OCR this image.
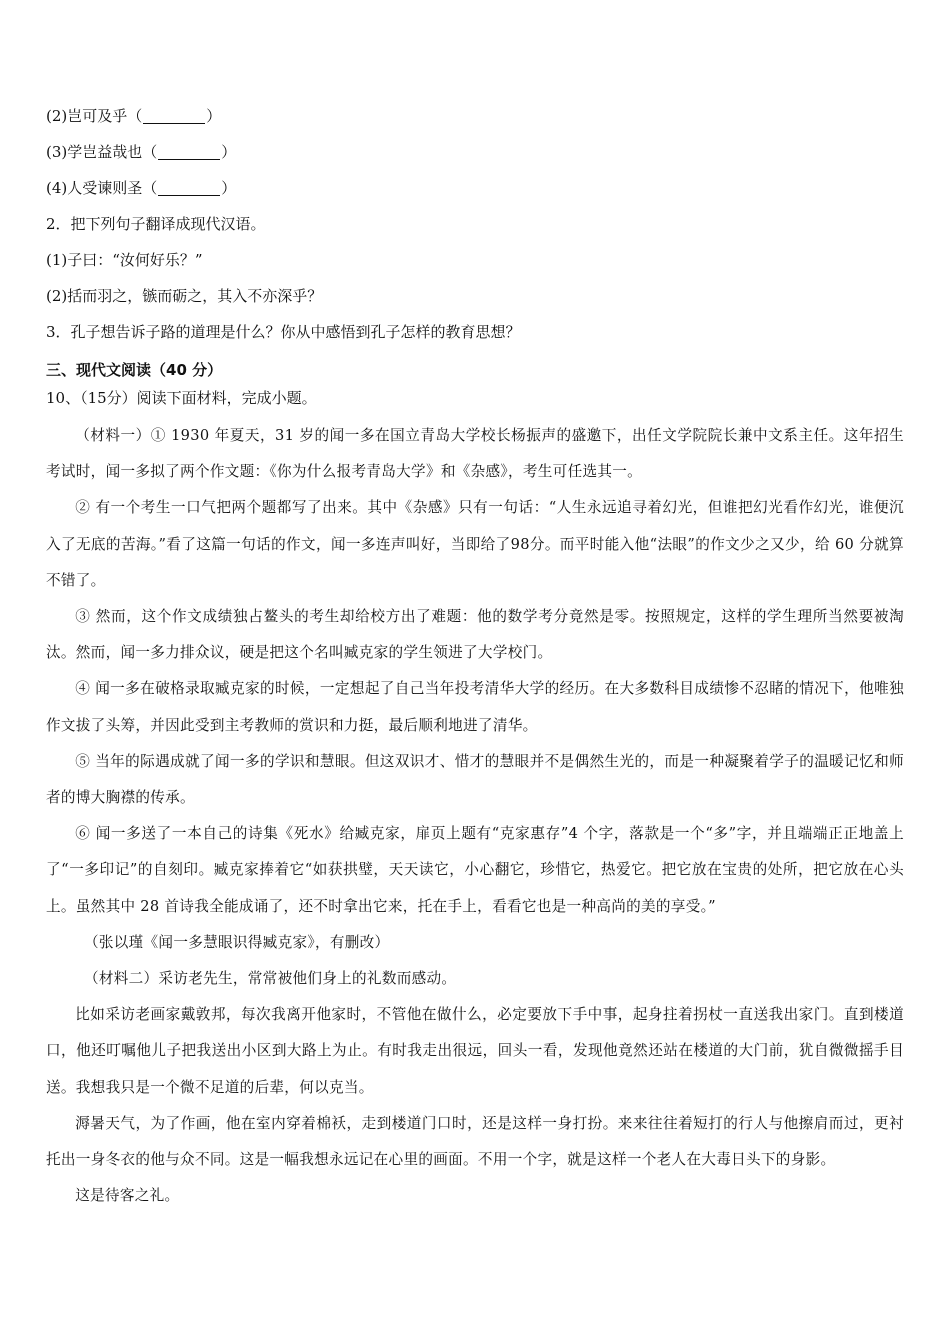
(2)岂可及乎（	）
(3)学岂益哉也（	）
(4)人受谏则圣（	）
2．把下列句子翻译成现代汉语。
(1)子曰：“汝何好乐？”
(2)括而羽之，镞而砺之，其入不亦深乎？
3．孔子想告诉子路的道理是什么？你从中感悟到孔子怎样的教育思想？
三、现代文阅读（40 分）
10、（15分）阅读下面材料，完成小题。

（材料一）① 1930 年夏天，31 岁的闻一多在国立青岛大学校长杨振声的盛邀下，出任文学院院长兼中文系主任。这年招生考试时，闻一多拟了两个作文题：《你为什么报考青岛大学》和《杂感》，考生可任选其一。

② 有一个考生一口气把两个题都写了出来。其中《杂感》只有一句话：“人生永远追寻着幻光，但谁把幻光看作幻光，谁便沉入了无底的苦海。”看了这篇一句话的作文，闻一多连声叫好，当即给了98分。而平时能入他“法眼”的作文少之又少，给 60 分就算不错了。

③ 然而，这个作文成绩独占鳌头的考生却给校方出了难题：他的数学考分竟然是零。按照规定，这样的学生理所当然要被淘汰。然而，闻一多力排众议，硬是把这个名叫臧克家的学生领进了大学校门。

④ 闻一多在破格录取臧克家的时候，一定想起了自己当年投考清华大学的经历。在大多数科目成绩惨不忍睹的情况下，他唯独作文拔了头筹，并因此受到主考教师的赏识和力挺，最后顺利地进了清华。

⑤ 当年的际遇成就了闻一多的学识和慧眼。但这双识才、惜才的慧眼并不是偶然生光的，而是一种凝聚着学子的温暖记忆和师者的博大胸襟的传承。

⑥ 闻一多送了一本自己的诗集《死水》给臧克家，扉页上题有“克家惠存”4 个字，落款是一个“多”字，并且端端正正地盖上了“一多印记”的自刻印。臧克家捧着它“如获拱璧，天天读它，小心翻它，珍惜它，热爱它。把它放在宝贵的处所，把它放在心头上。虽然其中 28 首诗我全能成诵了，还不时拿出它来，托在手上，看看它也是一种高尚的美的享受。”

（张以瑾《闻一多慧眼识得臧克家》，有删改）

（材料二）采访老先生，常常被他们身上的礼数而感动。

比如采访老画家戴敦邦，每次我离开他家时，不管他在做什么，必定要放下手中事，起身拄着拐杖一直送我出家门。直到楼道口，他还叮嘱他儿子把我送出小区到大路上为止。有时我走出很远，回头一看，发现他竟然还站在楼道的大门前，犹自微微摇手目送。我想我只是一个微不足道的后辈，何以克当。

溽暑天气，为了作画，他在室内穿着棉袄，走到楼道门口时，还是这样一身打扮。来来往往着短打的行人与他擦肩而过，更衬托出一身冬衣的他与众不同。这是一幅我想永远记在心里的画面。不用一个字，就是这样一个老人在大毒日头下的身影。

这是待客之礼。
